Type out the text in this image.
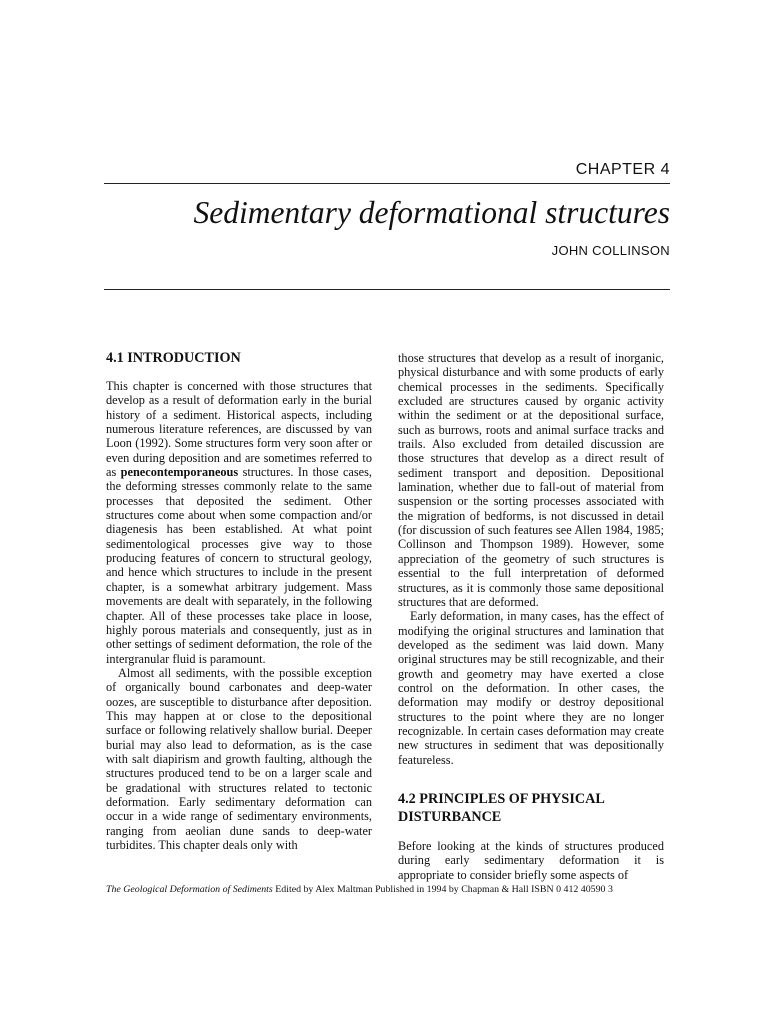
CHAPTER 4
Sedimentary deformational structures
JOHN COLLINSON
4.1 INTRODUCTION

This chapter is concerned with those structures that develop as a result of deformation early in the burial history of a sediment. Historical aspects, including numerous literature references, are discussed by van Loon (1992). Some structures form very soon after or even during deposition and are sometimes referred to as penecontemporaneous structures. In those cases, the deforming stresses commonly relate to the same processes that deposited the sediment. Other structures come about when some compaction and/or diagenesis has been established. At what point sedimentological processes give way to those producing features of concern to structural geology, and hence which structures to include in the present chapter, is a somewhat arbitrary judgement. Mass movements are dealt with separately, in the following chapter. All of these processes take place in loose, highly porous materials and consequently, just as in other settings of sediment deformation, the role of the intergranular fluid is paramount.

Almost all sediments, with the possible exception of organically bound carbonates and deep-water oozes, are susceptible to disturbance after deposition. This may happen at or close to the depositional surface or following relatively shallow burial. Deeper burial may also lead to deformation, as is the case with salt diapirism and growth faulting, although the structures produced tend to be on a larger scale and be gradational with structures related to tectonic deformation. Early sedimentary deformation can occur in a wide range of sedimentary environments, ranging from aeolian dune sands to deep-water turbidites. This chapter deals only with

those structures that develop as a result of inorganic, physical disturbance and with some products of early chemical processes in the sediments. Specifically excluded are structures caused by organic activity within the sediment or at the depositional surface, such as burrows, roots and animal surface tracks and trails. Also excluded from detailed discussion are those structures that develop as a direct result of sediment transport and deposition. Depositional lamination, whether due to fall-out of material from suspension or the sorting processes associated with the migration of bedforms, is not discussed in detail (for discussion of such features see Allen 1984, 1985; Collinson and Thompson 1989). However, some appreciation of the geometry of such structures is essential to the full interpretation of deformed structures, as it is commonly those same depositional structures that are deformed.

Early deformation, in many cases, has the effect of modifying the original structures and lamination that developed as the sediment was laid down. Many original structures may be still recognizable, and their growth and geometry may have exerted a close control on the deformation. In other cases, the deformation may modify or destroy depositional structures to the point where they are no longer recognizable. In certain cases deformation may create new structures in sediment that was depositionally featureless.

4.2 PRINCIPLES OF PHYSICAL
DISTURBANCE

Before looking at the kinds of structures produced during early sedimentary deformation it is appropriate to consider briefly some aspects of

The Geological Deformation of Sediments Edited by Alex Maltman Published in 1994 by Chapman & Hall ISBN 0 412 40590 3
